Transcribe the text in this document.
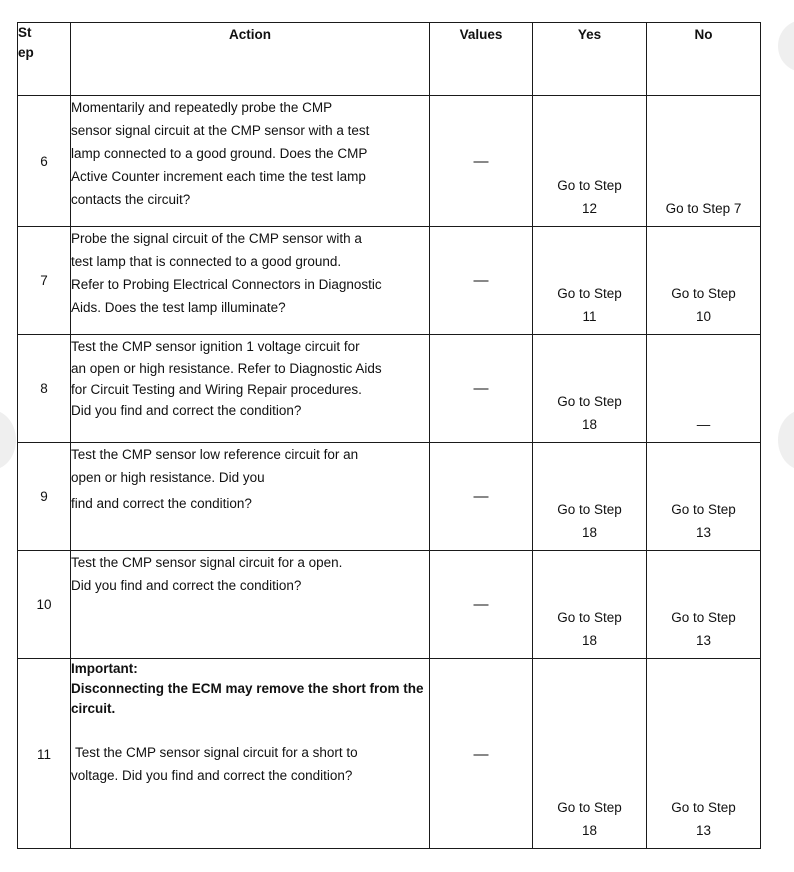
St
ep	Action	Values	Yes	No

6	Momentarily and repeatedly probe the CMP

sensor signal circuit at the CMP sensor with a test

lamp connected to a good ground. Does the CMP

Active Counter increment each time the test lamp

contacts the circuit?	—	Go to Step 12	Go to Step 7

7	Probe the signal circuit of the CMP sensor with a

test lamp that is connected to a good ground.

Refer to Probing Electrical Connectors in Diagnostic

Aids. Does the test lamp illuminate?	—	Go to Step 11	Go to Step 10

8	Test the CMP sensor ignition 1 voltage circuit for

an open or high resistance. Refer to Diagnostic Aids

for Circuit Testing and Wiring Repair procedures.

Did you find and correct the condition?	—	Go to Step 18	—

9	Test the CMP sensor low reference circuit for an

open or high resistance. Did you

find and correct the condition?	—	Go to Step 18	Go to Step 13

10	Test the CMP sensor signal circuit for a open.

Did you find and correct the condition?	—	Go to Step 18	Go to Step 13

11	Important:

Disconnecting the ECM may remove the short from the circuit.

Test the CMP sensor signal circuit for a short to

voltage. Did you find and correct the condition?	—	Go to Step 18	Go to Step 13
